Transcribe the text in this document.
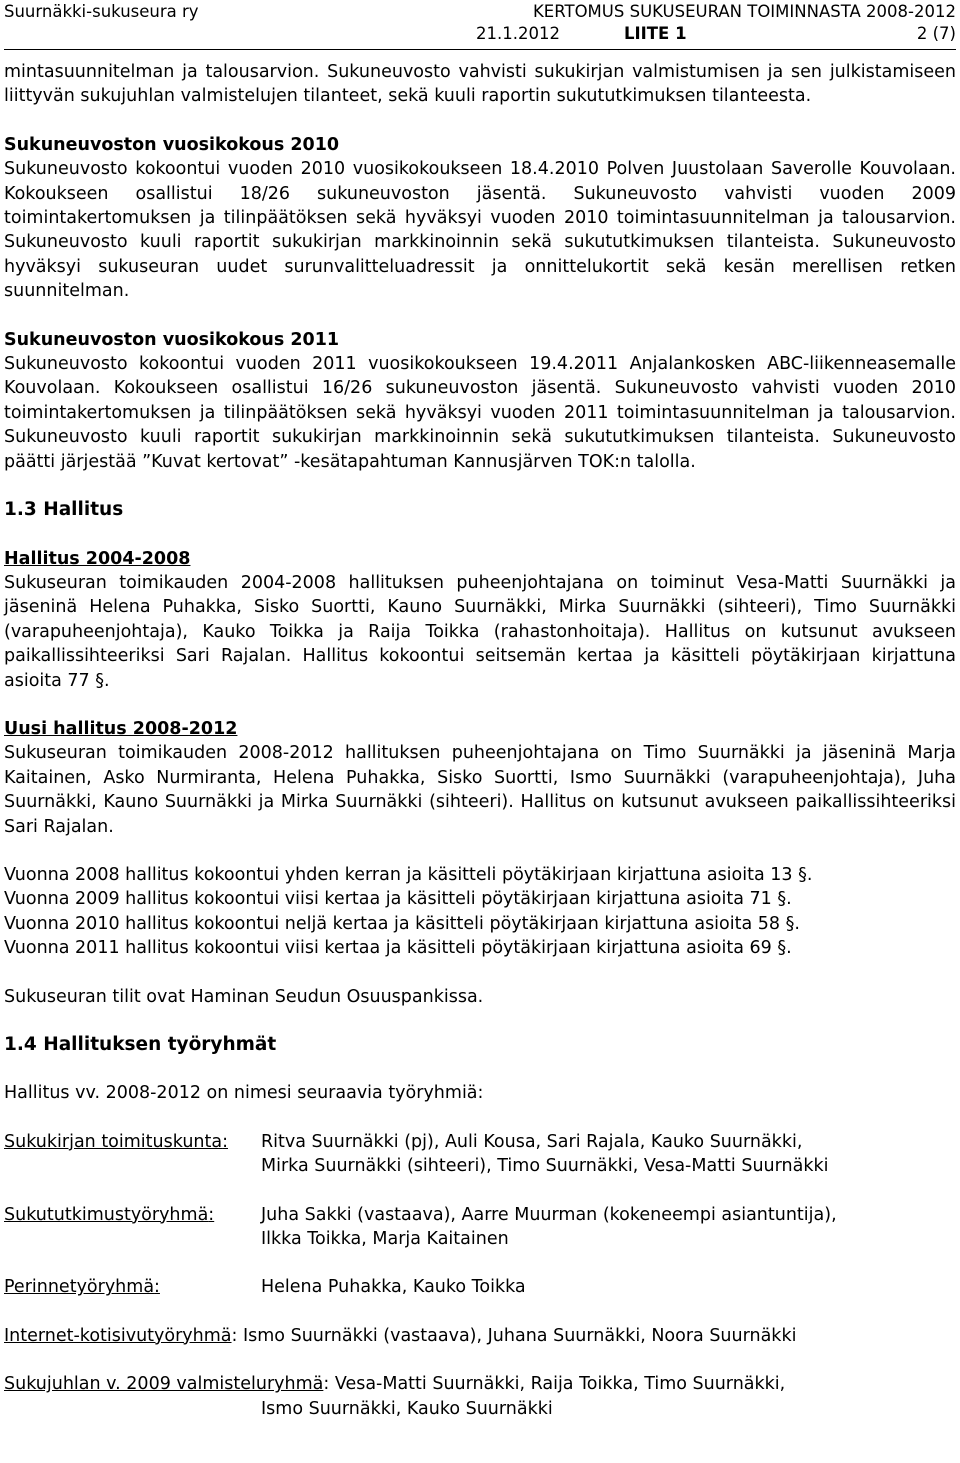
Suurnäkki-sukuseura ry	KERTOMUS SUKUSEURAN TOIMINNASTA 2008-2012
21.1.2012	LIITE 1	2 (7)

mintasuunnitelman ja talousarvion. Sukuneuvosto vahvisti sukukirjan valmistumisen ja sen julkistamiseen liittyvän sukujuhlan valmistelujen tilanteet, sekä kuuli raportin sukututkimuksen tilanteesta.

Sukuneuvoston vuosikokous 2010

Sukuneuvosto kokoontui vuoden 2010 vuosikokoukseen 18.4.2010 Polven Juustolaan Saverolle Kouvolaan. Kokoukseen osallistui 18/26 sukuneuvoston jäsentä. Sukuneuvosto vahvisti vuoden 2009 toimintakertomuksen ja tilinpäätöksen sekä hyväksyi vuoden 2010 toimintasuunnitelman ja talousarvion. Sukuneuvosto kuuli raportit sukukirjan markkinoinnin sekä sukututkimuksen tilanteista. Sukuneuvosto hyväksyi sukuseuran uudet surunvalitteluadressit ja onnittelukortit sekä kesän merellisen retken suunnitelman.

Sukuneuvoston vuosikokous 2011

Sukuneuvosto kokoontui vuoden 2011 vuosikokoukseen 19.4.2011 Anjalankosken ABC-liikenneasemalle Kouvolaan. Kokoukseen osallistui 16/26 sukuneuvoston jäsentä. Sukuneuvosto vahvisti vuoden 2010 toimintakertomuksen ja tilinpäätöksen sekä hyväksyi vuoden 2011 toimintasuunnitelman ja talousarvion. Sukuneuvosto kuuli raportit sukukirjan markkinoinnin sekä sukututkimuksen tilanteista. Sukuneuvosto päätti järjestää ”Kuvat kertovat” -kesätapahtuman Kannusjärven TOK:n talolla.

1.3 Hallitus

Hallitus 2004-2008

Sukuseuran toimikauden 2004-2008 hallituksen puheenjohtajana on toiminut Vesa-Matti Suurnäkki ja jäseninä Helena Puhakka, Sisko Suortti, Kauno Suurnäkki, Mirka Suurnäkki (sihteeri), Timo Suurnäkki (varapuheenjohtaja), Kauko Toikka ja Raija Toikka (rahastonhoitaja). Hallitus on kutsunut avukseen paikallissihteeriksi Sari Rajalan. Hallitus kokoontui seitsemän kertaa ja käsitteli pöytäkirjaan kirjattuna asioita 77 §.

Uusi hallitus 2008-2012

Sukuseuran toimikauden 2008-2012 hallituksen puheenjohtajana on Timo Suurnäkki ja jäseninä Marja Kaitainen, Asko Nurmiranta, Helena Puhakka, Sisko Suortti, Ismo Suurnäkki (varapuheenjohtaja), Juha Suurnäkki, Kauno Suurnäkki ja Mirka Suurnäkki (sihteeri). Hallitus on kutsunut avukseen paikallissihteeriksi Sari Rajalan.

Vuonna 2008 hallitus kokoontui yhden kerran ja käsitteli pöytäkirjaan kirjattuna asioita 13 §.

Vuonna 2009 hallitus kokoontui viisi kertaa ja käsitteli pöytäkirjaan kirjattuna asioita 71 §.

Vuonna 2010 hallitus kokoontui neljä kertaa ja käsitteli pöytäkirjaan kirjattuna asioita 58 §.

Vuonna 2011 hallitus kokoontui viisi kertaa ja käsitteli pöytäkirjaan kirjattuna asioita 69 §.

Sukuseuran tilit ovat Haminan Seudun Osuuspankissa.

1.4 Hallituksen työryhmät

Hallitus vv. 2008-2012 on nimesi seuraavia työryhmiä:

Sukukirjan toimituskunta:	Ritva Suurnäkki (pj), Auli Kousa, Sari Rajala, Kauko Suurnäkki,
Mirka Suurnäkki (sihteeri), Timo Suurnäkki, Vesa-Matti Suurnäkki
Sukututkimustyöryhmä:	Juha Sakki (vastaava), Aarre Muurman (kokeneempi asiantuntija),
Ilkka Toikka, Marja Kaitainen
Perinnetyöryhmä:	Helena Puhakka, Kauko Toikka

Internet-kotisivutyöryhmä: Ismo Suurnäkki (vastaava), Juhana Suurnäkki, Noora Suurnäkki

Sukujuhlan v. 2009 valmisteluryhmä: Vesa-Matti Suurnäkki, Raija Toikka, Timo Suurnäkki,

Ismo Suurnäkki, Kauko Suurnäkki
